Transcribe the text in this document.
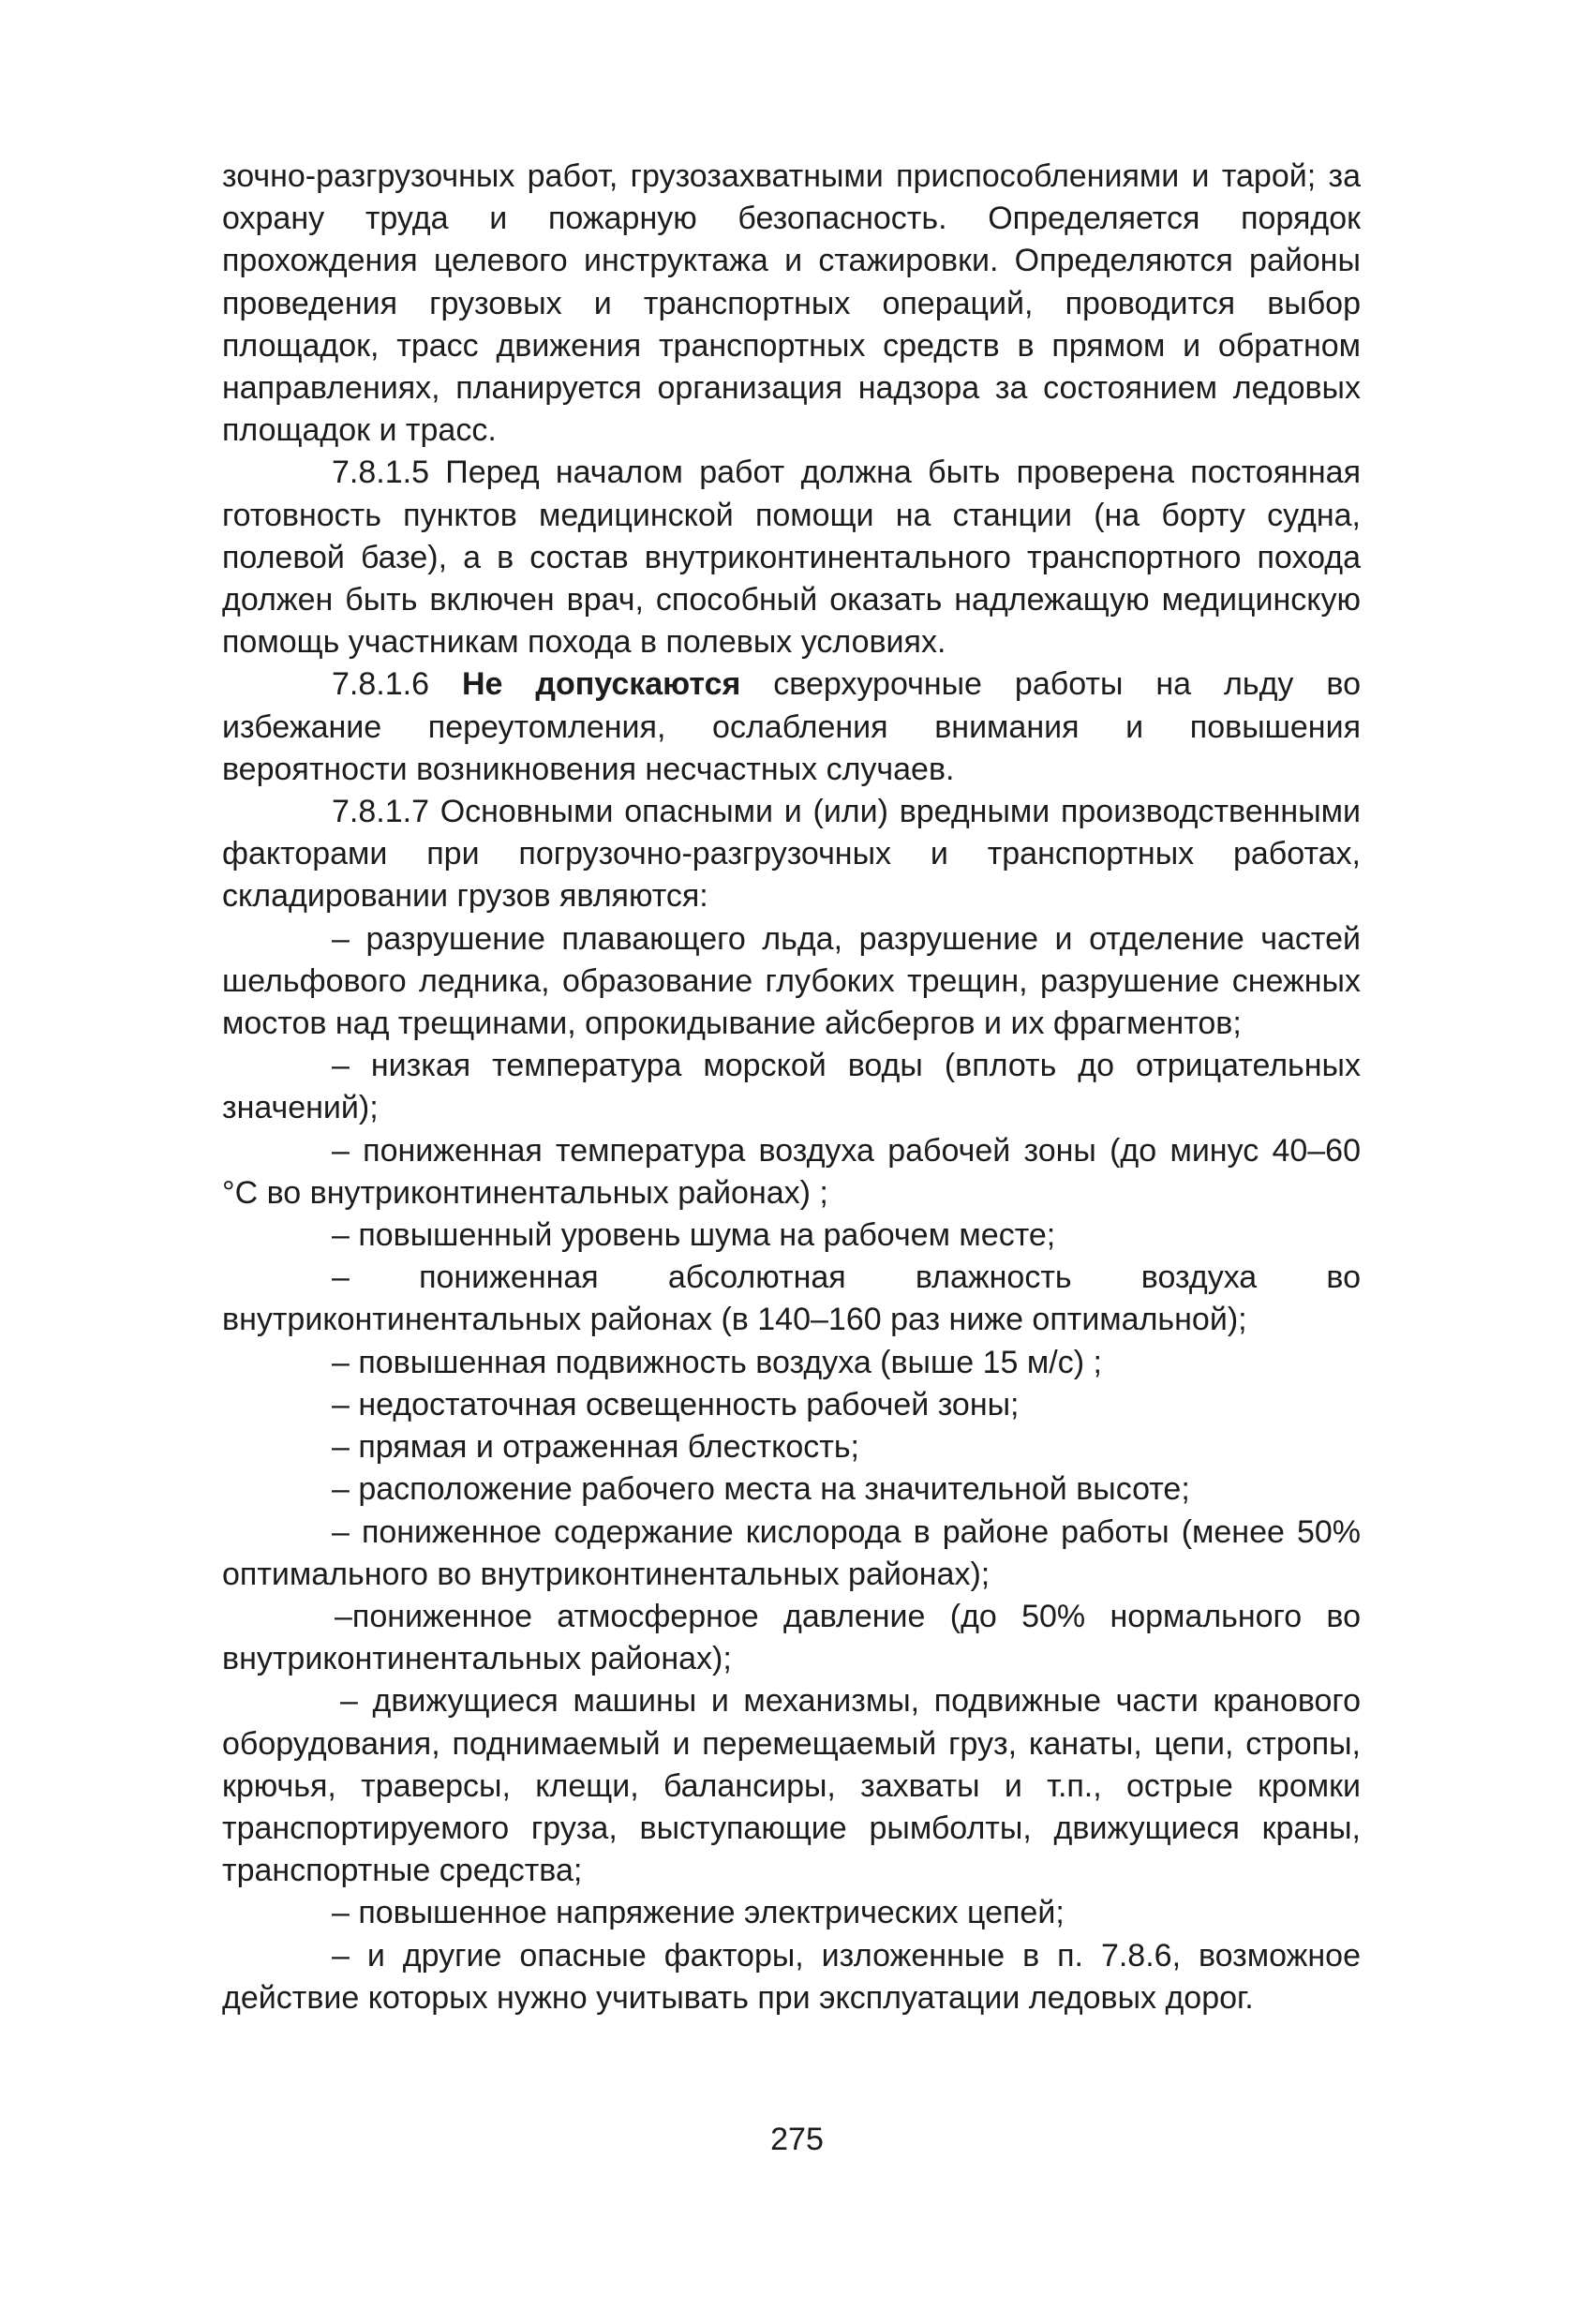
зочно-разгрузочных работ, грузозахватными приспособлениями и тарой; за охрану труда и пожарную безопасность. Определяется порядок прохождения целевого инструктажа и стажировки. Определяются районы проведения грузовых и транспортных операций, проводится выбор площадок, трасс движения транспортных средств в прямом и обратном направлениях, планируется организация надзора за состоянием ледовых площадок и трасс.

7.8.1.5 Перед началом работ должна быть проверена постоянная готовность пунктов медицинской помощи на станции (на борту судна, полевой базе), а в состав внутриконтинентального транспортного похода должен быть включен врач, способный оказать надлежащую медицинскую помощь участникам похода в полевых условиях.

7.8.1.6 Не допускаются сверхурочные работы на льду во избежание переутомления, ослабления внимания и повышения вероятности возникновения несчастных случаев.

7.8.1.7 Основными опасными и (или) вредными производственными факторами при погрузочно-разгрузочных и транспортных работах, складировании грузов являются:

– разрушение плавающего льда, разрушение и отделение частей шельфового ледника, образование глубоких трещин, разрушение снежных мостов над трещинами, опрокидывание айсбергов и их фрагментов;

– низкая температура морской воды (вплоть до отрицательных значений);

– пониженная температура воздуха рабочей зоны (до минус 40–60 °С во внутриконтинентальных районах) ;

– повышенный уровень шума на рабочем месте;

– пониженная абсолютная влажность воздуха во внутриконтинентальных районах (в 140–160 раз ниже оптимальной);

– повышенная подвижность воздуха (выше 15 м/с) ;

– недостаточная освещенность рабочей зоны;

– прямая и отраженная блесткость;

– расположение рабочего места на значительной высоте;

– пониженное содержание кислорода в районе работы (менее 50% оптимального во внутриконтинентальных районах);

–пониженное атмосферное давление (до 50% нормального во внутриконтинентальных районах);

– движущиеся машины и механизмы, подвижные части кранового оборудования, поднимаемый и перемещаемый груз, канаты, цепи, стропы, крючья, траверсы, клещи, балансиры, захваты и т.п., острые кромки транспортируемого груза, выступающие рымболты, движущиеся краны, транспортные средства;

– повышенное напряжение электрических цепей;

– и другие опасные факторы, изложенные в п. 7.8.6, возможное действие которых нужно учитывать при эксплуатации ледовых дорог.

275
